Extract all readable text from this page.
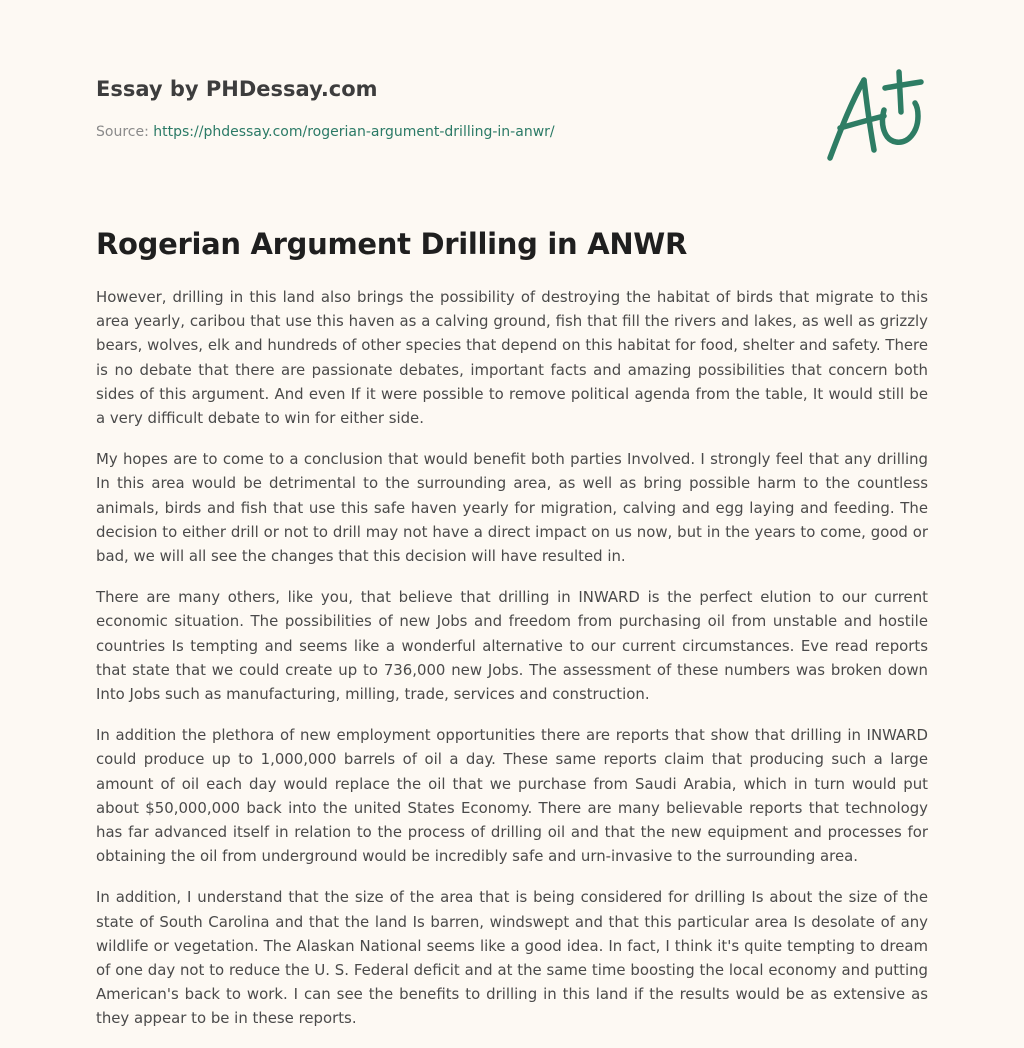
Essay by PHDessay.com
Source: https://phdessay.com/rogerian-argument-drilling-in-anwr/
Rogerian Argument Drilling in ANWR

However, drilling in this land also brings the possibility of destroying the habitat of birds that migrate to this area yearly, caribou that use this haven as a calving ground, fish that fill the rivers and lakes, as well as grizzly bears, wolves, elk and hundreds of other species that depend on this habitat for food, shelter and safety. There is no debate that there are passionate debates, important facts and amazing possibilities that concern both sides of this argument. And even If it were possible to remove political agenda from the table, It would still be a very difficult debate to win for either side.

My hopes are to come to a conclusion that would benefit both parties Involved. I strongly feel that any drilling In this area would be detrimental to the surrounding area, as well as bring possible harm to the countless animals, birds and fish that use this safe haven yearly for migration, calving and egg laying and feeding. The decision to either drill or not to drill may not have a direct impact on us now, but in the years to come, good or bad, we will all see the changes that this decision will have resulted in.

There are many others, like you, that believe that drilling in INWARD is the perfect elution to our current economic situation. The possibilities of new Jobs and freedom from purchasing oil from unstable and hostile countries Is tempting and seems like a wonderful alternative to our current circumstances. Eve read reports that state that we could create up to 736,000 new Jobs. The assessment of these numbers was broken down Into Jobs such as manufacturing, milling, trade, services and construction.

In addition the plethora of new employment opportunities there are reports that show that drilling in INWARD could produce up to 1,000,000 barrels of oil a day. These same reports claim that producing such a large amount of oil each day would replace the oil that we purchase from Saudi Arabia, which in turn would put about $50,000,000 back into the united States Economy. There are many believable reports that technology has far advanced itself in relation to the process of drilling oil and that the new equipment and processes for obtaining the oil from underground would be incredibly safe and urn-invasive to the surrounding area.

In addition, I understand that the size of the area that is being considered for drilling Is about the size of the state of South Carolina and that the land Is barren, windswept and that this particular area Is desolate of any wildlife or vegetation. The Alaskan National seems like a good idea. In fact, I think it's quite tempting to dream of one day not to reduce the U. S. Federal deficit and at the same time boosting the local economy and putting American's back to work. I can see the benefits to drilling in this land if the results would be as extensive as they appear to be in these reports.
